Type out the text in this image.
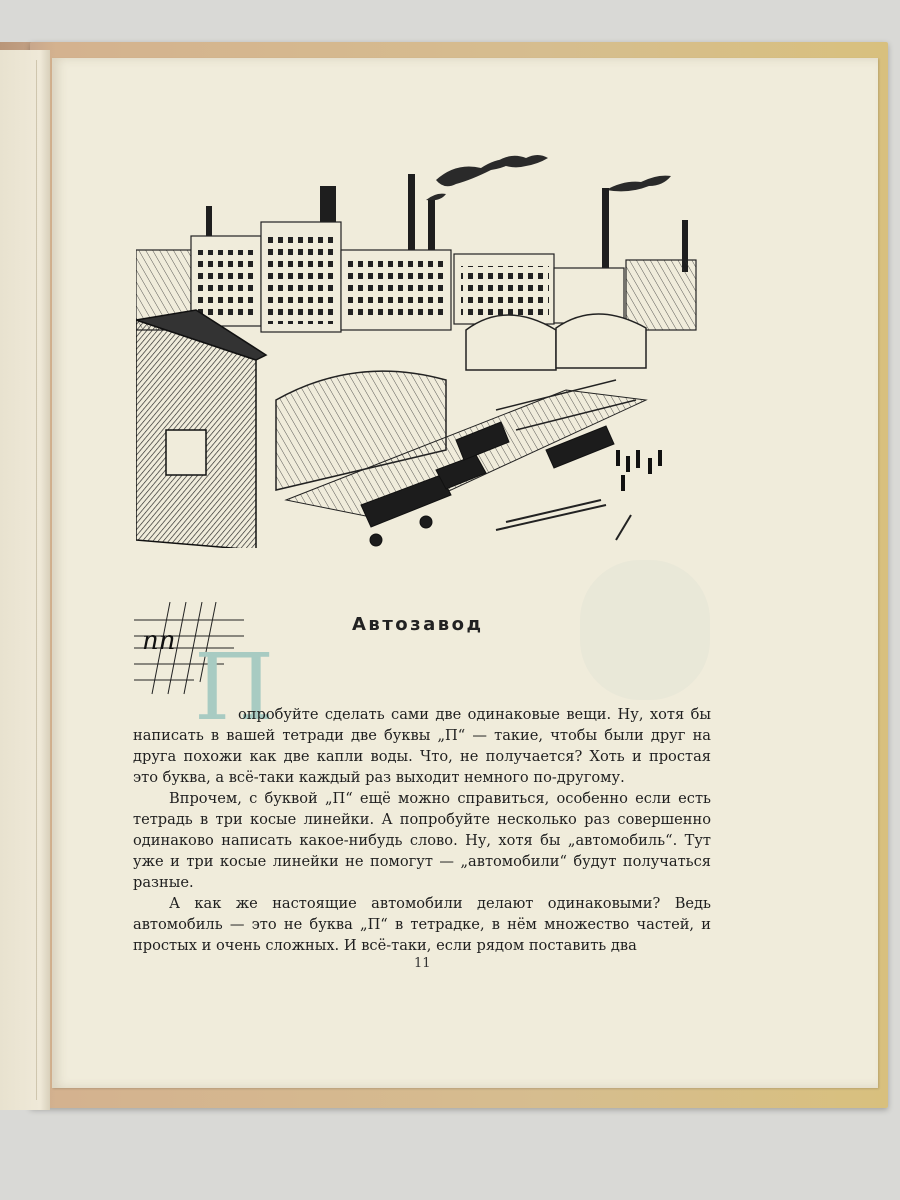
пп
Автозавод
П

опробуйте сделать сами две одинаковые вещи. Ну, хотя бы написать в вашей тетради две буквы „П“ — такие, чтобы были друг на друга похожи как две капли воды. Что, не получается? Хоть и простая это буква, а всё-таки каждый раз выходит немного по-другому.

Впрочем, с буквой „П“ ещё можно справиться, особенно если есть тетрадь в три косые линейки. А попробуйте несколько раз совершенно одинаково написать какое-нибудь слово. Ну, хотя бы „автомобиль“. Тут уже и три косые линейки не помогут — „автомобили“ будут получаться разные.

А как же настоящие автомобили делают одинаковыми? Ведь автомобиль — это не буква „П“ в тетрадке, в нём множество частей, и простых и очень сложных. И всё-таки, если рядом поставить два

11
